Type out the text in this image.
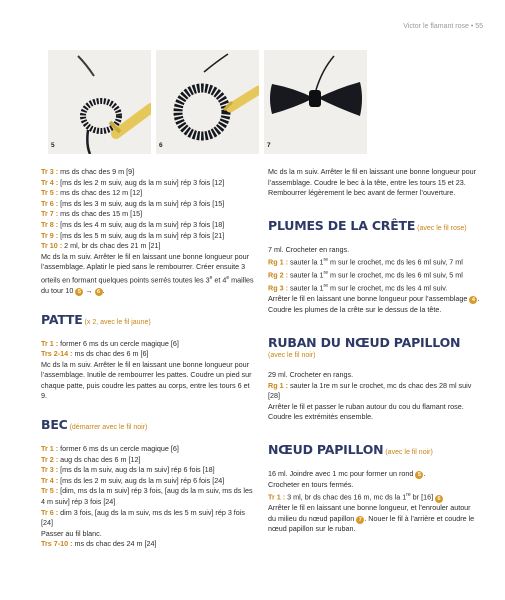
Victor le flamant rose • 55
5	6	7
Tr 3 : ms ds chac des 9 m [9]
Tr 4 : [ms ds les 2 m suiv, aug ds la m suiv] rép 3 fois [12]
Tr 5 : ms ds chac des 12 m [12]
Tr 6 : [ms ds les 3 m suiv, aug ds la m suiv] rép 3 fois [15]
Tr 7 : ms ds chac des 15 m [15]
Tr 8 : [ms ds les 4 m suiv, aug ds la m suiv] rép 3 fois [18]
Tr 9 : [ms ds les 5 m suiv, aug ds la m suiv] rép 3 fois [21]
Tr 10 : 2 ml, br ds chac des 21 m [21]

Mc ds la m suiv. Arrêter le fil en laissant une bonne longueur pour l’assemblage. Aplatir le pied sans le rembourrer. Créer ensuite 3 orteils en formant quelques points serrés toutes les 3e et 4e mailles du tour 10 5 → 6 .

PATTE (x 2, avec le fil jaune)
Tr 1 : former 6 ms ds un cercle magique [6]
Trs 2-14 : ms ds chac des 6 m [6]

Mc ds la m suiv. Arrêter le fil en laissant une bonne longueur pour l’assemblage. Inutile de rembourrer les pattes. Coudre un pied sur chaque patte, puis coudre les pattes au corps, entre les tours 6 et 9.

BEC (démarrer avec le fil noir)
Tr 1 : former 6 ms ds un cercle magique [6]
Tr 2 : aug ds chac des 6 m [12]
Tr 3 : [ms ds la m suiv, aug ds la m suiv] rép 6 fois [18]
Tr 4 : [ms ds les 2 m suiv, aug ds la m suiv] rép 6 fois [24]
Tr 5 : [dim, ms ds la m suiv] rép 3 fois, [aug ds la m suiv, ms ds les 4 m suiv] rép 3 fois [24]
Tr 6 : dim 3 fois, [aug ds la m suiv, ms ds les 5 m suiv] rép 3 fois [24]
Passer au fil blanc.
Trs 7-10 : ms ds chac des 24 m [24]

Mc ds la m suiv. Arrêter le fil en laissant une bonne longueur pour l’assemblage. Coudre le bec à la tête, entre les tours 15 et 23. Rembourrer légèrement le bec avant de fermer l’ouverture.

PLUMES DE LA CRÊTE (avec le fil rose)
7 ml. Crocheter en rangs.
Rg 1 : sauter la 1re m sur le crochet, mc ds les 6 ml suiv, 7 ml
Rg 2 : sauter la 1re m sur le crochet, mc ds les 6 ml suiv, 5 ml
Rg 3 : sauter la 1re m sur le crochet, mc ds les 4 ml suiv.

Arrêter le fil en laissant une bonne longueur pour l’assemblage 4 . Coudre les plumes de la crête sur le dessus de la tête.

RUBAN DU NŒUD PAPILLON
(avec le fil noir)
29 ml. Crocheter en rangs.
Rg 1 : sauter la 1re m sur le crochet, mc ds chac des 28 ml suiv [28]

Arrêter le fil et passer le ruban autour du cou du flamant rose. Coudre les extrémités ensemble.

NŒUD PAPILLON (avec le fil noir)
16 ml. Joindre avec 1 mc pour former un rond 5 .
Crocheter en tours fermés.
Tr 1 : 3 ml, br ds chac des 16 m, mc ds la 1re br [16] 6

Arrêter le fil en laissant une bonne longueur, et l’enrouler autour du milieu du nœud papillon 7 . Nouer le fil à l’arrière et coudre le nœud papillon sur le ruban.
